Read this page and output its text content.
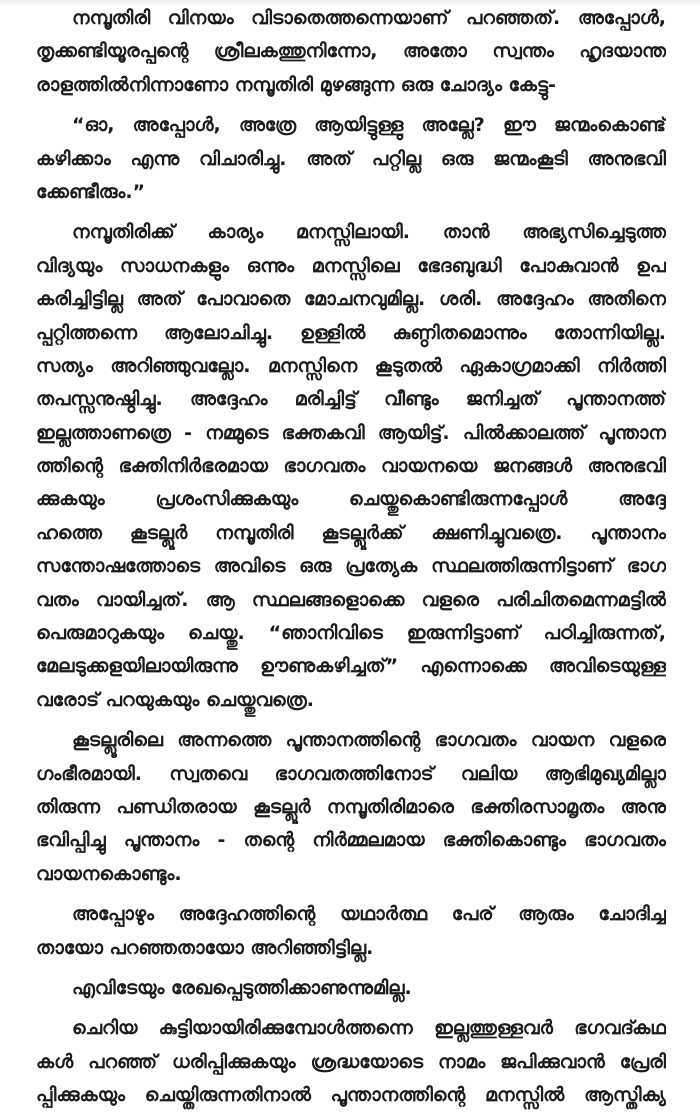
നമ്പൂതിരി വിനയം വിടാതെത്തന്നെയാണ് പറഞ്ഞത്. അപ്പോൾ,
തൃക്കണ്ടിയൂരപ്പന്റെ ശ്രീലകത്തുനിന്നോ, അതോ സ്വന്തം ഹൃദയാന്ത
രാളത്തിൽനിന്നാണോ നമ്പൂതിരി മുഴങ്ങുന്ന ഒരു ചോദ്യം കേട്ടു-
“ഓ, അപ്പോൾ, അത്രേ ആയിട്ടുള്ളു അല്ലേ? ഈ ജന്മംകൊണ്ട്
കഴിക്കാം എന്നു വിചാരിച്ചു. അത് പറ്റില്ല ഒരു ജന്മംകൂടി അനുഭവി
ക്കേണ്ടീരും.”
നമ്പൂതിരിക്ക് കാര്യം മനസ്സിലായി. താൻ അഭ്യസിച്ചെടുത്ത
വിദ്യയും സാധനകളും ഒന്നും മനസ്സിലെ ഭേദബുദ്ധി പോകുവാൻ ഉപ
കരിച്ചിട്ടില്ല അത് പോവാതെ മോചനവുമില്ല. ശരി. അദ്ദേഹം അതിനെ
പ്പറ്റിത്തന്നെ ആലോചിച്ചു. ഉള്ളിൽ കുണ്ഠിതമൊന്നും തോന്നിയില്ല.
സത്യം അറിഞ്ഞുവല്ലോ. മനസ്സിനെ കൂടുതൽ ഏകാഗ്രമാക്കി നിർത്തി
തപസ്സനുഷ്ഠിച്ചു. അദ്ദേഹം മരിച്ചിട്ട് വീണ്ടും ജനിച്ചത് പൂന്താനത്ത്
ഇല്ലത്താണത്രെ - നമ്മുടെ ഭക്തകവി ആയിട്ട്. പിൽക്കാലത്ത് പൂന്താന
ത്തിന്റെ ഭക്തിനിർഭരമായ ഭാഗവതം വായനയെ ജനങ്ങൾ അനുഭവി
ക്കുകയും പ്രശംസിക്കുകയും ചെയ്തുകൊണ്ടിരുന്നപ്പോൾ അദ്ദേ
ഹത്തെ കൂടല്ലൂർ നമ്പൂതിരി കൂടല്ലൂർക്ക് ക്ഷണിച്ചുവത്രെ. പൂന്താനം
സന്തോഷത്തോടെ അവിടെ ഒരു പ്രത്യേക സ്ഥലത്തിരുന്നിട്ടാണ് ഭാഗ
വതം വായിച്ചത്. ആ സ്ഥലങ്ങളൊക്കെ വളരെ പരിചിതമെന്നമട്ടിൽ
പെരുമാറുകയും ചെയ്തു. “ഞാനിവിടെ ഇരുന്നിട്ടാണ് പഠിച്ചിരുന്നത്,
മേലടുക്കളയിലായിരുന്നു ഊണുകഴിച്ചത്” എന്നൊക്കെ അവിടെയുള്ള
വരോട് പറയുകയും ചെയ്തുവത്രെ.
കൂടല്ലൂരിലെ അന്നത്തെ പൂന്താനത്തിന്റെ ഭാഗവതം വായന വളരെ
ഗംഭീരമായി. സ്വതവെ ഭാഗവതത്തിനോട് വലിയ ആഭിമുഖ്യമില്ലാ
തിരുന്ന പണ്ഡിതരായ കൂടല്ലൂർ നമ്പൂതിരിമാരെ ഭക്തിരസാമൃതം അനു
ഭവിപ്പിച്ചു പൂന്താനം - തന്റെ നിർമ്മലമായ ഭക്തികൊണ്ടും ഭാഗവതം
വായനകൊണ്ടും.
അപ്പോഴും അദ്ദേഹത്തിന്റെ യഥാർത്ഥ പേര് ആരും ചോദിച്ച
തായോ പറഞ്ഞതായോ അറിഞ്ഞിട്ടില്ല.
എവിടേയും രേഖപ്പെടുത്തിക്കാണുന്നുമില്ല.
ചെറിയ കുട്ടിയായിരിക്കുമ്പോൾത്തന്നെ ഇല്ലത്തുള്ളവർ ഭഗവദ്കഥ
കൾ പറഞ്ഞ് ധരിപ്പിക്കുകയും ശ്രദ്ധയോടെ നാമം ജപിക്കുവാൻ പ്രേരി
പ്പിക്കുകയും ചെയ്തിരുന്നതിനാൽ പൂന്താനത്തിന്റെ മനസ്സിൽ ആസ്തിക്യ
